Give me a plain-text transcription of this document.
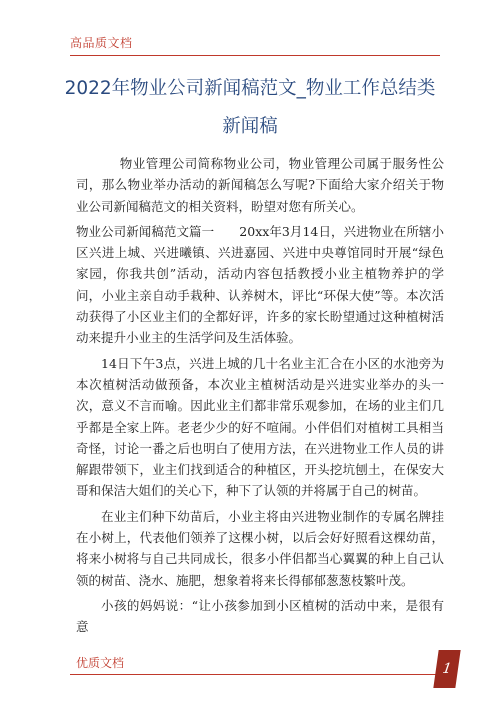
高品质文档
2022年物业公司新闻稿范文_物业工作总结类新闻稿

物业管理公司简称物业公司，物业管理公司属于服务性公司，那么物业举办活动的新闻稿怎么写呢?下面给大家介绍关于物业公司新闻稿范文的相关资料，盼望对您有所关心。

物业公司新闻稿范文篇一　　20xx年3月14日，兴进物业在所辖小区兴进上城、兴进曦镇、兴进嘉园、兴进中央尊馆同时开展“绿色家园，你我共创”活动，活动内容包括教授小业主植物养护的学问，小业主亲自动手栽种、认养树木，评比“环保大使”等。本次活动获得了小区业主们的全都好评，许多的家长盼望通过这种植树活动来提升小业主的生活学问及生活体验。

14日下午3点，兴进上城的几十名业主汇合在小区的水池旁为本次植树活动做预备，本次业主植树活动是兴进实业举办的头一次，意义不言而喻。因此业主们都非常乐观参加，在场的业主们几乎都是全家上阵。老老少少的好不喧闹。小伴侣们对植树工具相当奇怪，讨论一番之后也明白了使用方法，在兴进物业工作人员的讲解跟带领下，业主们找到适合的种植区，开头挖坑刨土，在保安大哥和保洁大姐们的关心下，种下了认领的并将属于自己的树苗。

在业主们种下幼苗后，小业主将由兴进物业制作的专属名牌挂在小树上，代表他们领养了这棵小树，以后会好好照看这棵幼苗，将来小树将与自己共同成长，很多小伴侣都当心翼翼的种上自己认领的树苗、浇水、施肥，想象着将来长得郁郁葱葱枝繁叶茂。

小孩的妈妈说：“让小孩参加到小区植树的活动中来，是很有意

优质文档	1
